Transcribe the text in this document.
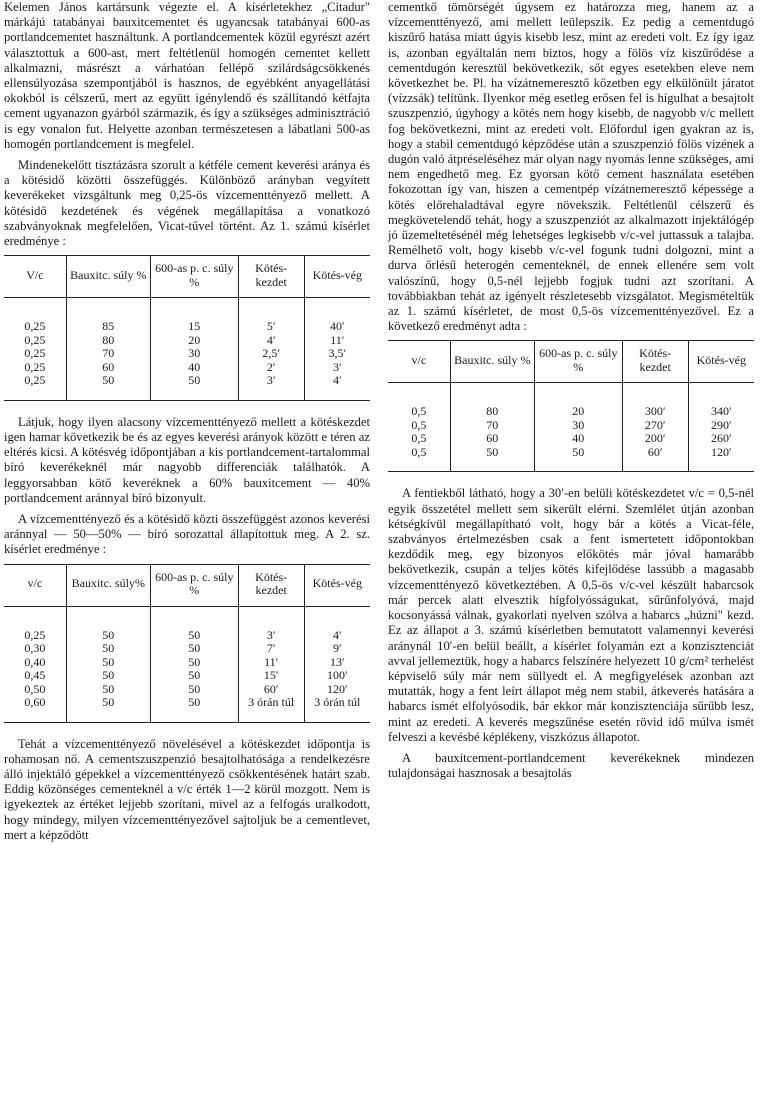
Kelemen János kartársunk végezte el. A kísérletekhez „Citadur" márkájú tatabányai bauxitcementet és ugyancsak tatabányai 600-as portlandcementet használtunk. A portlandcementek közül egyrészt azért választottuk a 600-ast, mert feltétlenül homogén cementet kellett alkalmazni, másrészt a várhatóan fellépő szilárdságcsökkenés ellensúlyozása szempontjából is hasznos, de egyébként anyagellátási okokból is célszerű, mert az együtt igénylendő és szállítandó kétfajta cement ugyanazon gyárból származik, és így a szükséges adminisztráció is egy vonalon fut. Helyette azonban természetesen a lábatlani 500-as homogén portlandcement is megfelel.

Mindenekelőtt tisztázásra szorult a kétféle cement keverési aránya és a kötésidő közötti összefüggés. Különböző arányban vegyített keverékeket vizsgáltunk meg 0,25-ös vízcementtényező mellett. A kötésidő kezdetének és végének megállapítása a vonatkozó szabványoknak megfelelően, Vicat-tűvel történt. Az 1. számú kísérlet eredménye :

V/c	Bauxitc. súly %	600-as p. c. súly %	Kötés-kezdet	Kötés-vég
0,25	85	15	5′	40′
0,25	80	20	4′	11′
0,25	70	30	2,5′	3,5′
0,25	60	40	2′	3′
0,25	50	50	3′	4′

Látjuk, hogy ilyen alacsony vízcementtényező mellett a kötéskezdet igen hamar következik be és az egyes keverési arányok között e téren az eltérés kicsi. A kötésvég időpontjában a kis portlandcement-tartalommal bíró keverékeknél már nagyobb differenciák találhatók. A leggyorsabban kötő keveréknek a 60% bauxitcement — 40% portlandcement aránnyal bíró bizonyult.

A vízcementtényező és a kötésidő közti összefüggést azonos keverési aránnyal — 50—50% — bíró sorozattal állapítottuk meg. A 2. sz. kísérlet eredménye :

v/c	Bauxitc. súly%	600-as p. c. súly %	Kötés-kezdet	Kötés-vég
0,25	50	50	3′	4′
0,30	50	50	7′	9′
0,40	50	50	11′	13′
0,45	50	50	15′	100′
0,50	50	50	60′	120′
0,60	50	50	3 órán túl	3 órán túl

Tehát a vízcementtényező növelésével a kötéskezdet időpontja is rohamosan nő. A cementszuszpenzió besajtolhatósága a rendelkezésre álló injektáló gépekkel a vízcementtényező csökkentésének határt szab. Eddig közönséges cementeknél a v/c érték 1—2 körül mozgott. Nem is igyekeztek az értéket lejjebb szorítani, mivel az a felfogás uralkodott, hogy mindegy, milyen vízcementtényezővel sajtoljuk be a cementlevet, mert a képződött

cementkő tömörségét úgysem ez határozza meg, hanem az a vízcementtényező, ami mellett leülepszik. Ez pedig a cementdugó kiszűrő hatása miatt úgyis kisebb lesz, mint az eredeti volt. Ez így igaz is, azonban egyáltalán nem biztos, hogy a fölös víz kiszűrődése a cementdugón keresztül bekövetkezik, sőt egyes esetekben eleve nem következhet be. Pl. ha vízátnemeresztő kőzetben egy elkülönült járatot (vízzsák) telítünk. Ilyenkor még esetleg erősen fel is hígulhat a besajtolt szuszpenzió, úgyhogy a kötés nem hogy kisebb, de nagyobb v/c mellett fog bekövetkezni, mint az eredeti volt. Előfordul igen gyakran az is, hogy a stabil cementdugó képződése után a szuszpenzió fölös vizének a dugón való átpréseléséhez már olyan nagy nyomás lenne szükséges, ami nem engedhető meg. Ez gyorsan kötő cement használata esetében fokozottan így van, hiszen a cementpép vízátnemeresztő képessége a kötés előrehaladtával egyre növekszik. Feltétlenül célszerű és megkövetelendő tehát, hogy a szuszpenziót az alkalmazott injektálógép jó üzemeltetésénél még lehetséges legkisebb v/c-vel juttassuk a talajba. Remélhető volt, hogy kisebb v/c-vel fogunk tudni dolgozni, mint a durva őrlésű heterogén cementeknél, de ennek ellenére sem volt valószínű, hogy 0,5-nél lejjebb fogjuk tudni azt szorítani. A továbbiakban tehát az igényelt részletesebb vizsgálatot. Megismételtük az 1. számú kísérletet, de most 0,5-ös vízcementtényezővel. Ez a következő eredményt adta :

v/c	Bauxitc. súly %	600-as p. c. súly %	Kötés-kezdet	Kötés-vég
0,5	80	20	300′	340′
0,5	70	30	270′	290′
0,5	60	40	200′	260′
0,5	50	50	60′	120′

A fentiekből látható, hogy a 30′-en belüli kötéskezdetet v/c = 0,5-nél egyik összetétel mellett sem sikerült elérni. Szemlélet útján azonban kétségkívül megállapítható volt, hogy bár a kötés a Vicat-féle, szabványos értelmezésben csak a fent ismertetett időpontokban kezdődik meg, egy bizonyos előkötés már jóval hamarább bekövetkezik, csupán a teljes kötés kifejlődése lassúbb a magasabb vízcementtényező következtében. A 0,5-ös v/c-vel készült habarcsok már percek alatt elvesztik hígfolyósságukat, sűrűnfolyóvá, majd kocsonyássá válnak, gyakorlati nyelven szólva a habarcs „húzni" kezd. Ez az állapot a 3. számú kísérletben bemutatott valamennyi keverési aránynál 10′-en belül beállt, a kísérlet folyamán ezt a konzisztenciát avval jellemeztük, hogy a habarcs felszínére helyezett 10 g/cm² terhelést képviselő súly már nem süllyedt el. A megfigyelések azonban azt mutatták, hogy a fent leírt állapot még nem stabil, átkeverés hatására a habarcs ismét elfolyósodik, bár ekkor már konzisztenciája sűrűbb lesz, mint az eredeti. A keverés megszűnése esetén rövid idő múlva ismét felveszi a kevésbé képlékeny, viszkózus állapotot.

A bauxitcement-portlandcement keverékeknek mindezen tulajdonságai hasznosak a besajtolás
